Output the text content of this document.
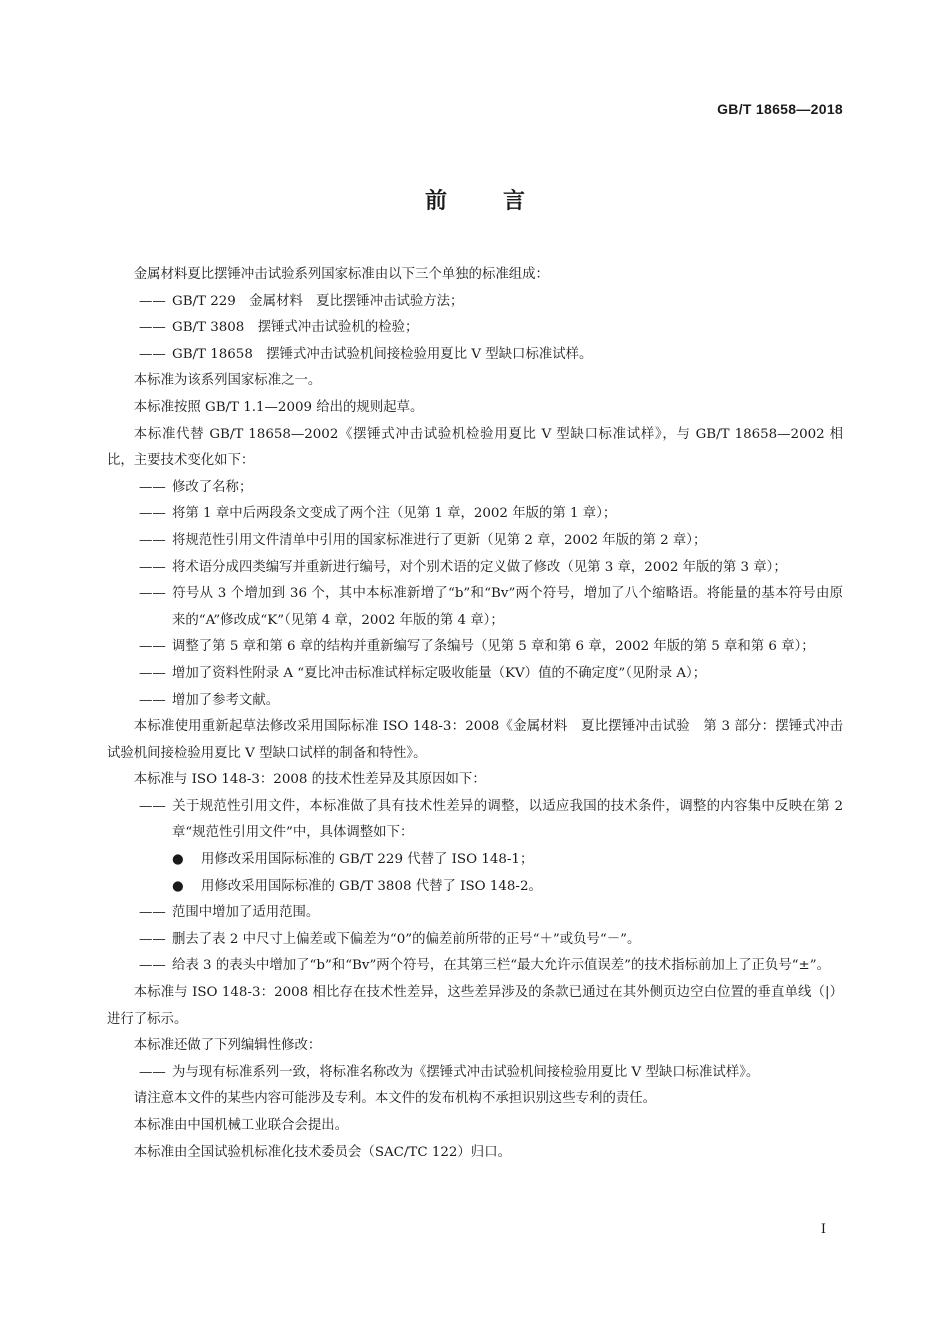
GB/T 18658—2018
前言
金属材料夏比摆锤冲击试验系列国家标准由以下三个单独的标准组成：
—— GB/T 229　金属材料　夏比摆锤冲击试验方法；
—— GB/T 3808　摆锤式冲击试验机的检验；
—— GB/T 18658　摆锤式冲击试验机间接检验用夏比 V 型缺口标准试样。
本标准为该系列国家标准之一。
本标准按照 GB/T 1.1—2009 给出的规则起草。
本标准代替 GB/T 18658—2002《摆锤式冲击试验机检验用夏比 V 型缺口标准试样》，与 GB/T 18658—2002 相比，主要技术变化如下：
—— 修改了名称；
—— 将第 1 章中后两段条文变成了两个注（见第 1 章，2002 年版的第 1 章）；
—— 将规范性引用文件清单中引用的国家标准进行了更新（见第 2 章，2002 年版的第 2 章）；
—— 将术语分成四类编写并重新进行编号，对个别术语的定义做了修改（见第 3 章，2002 年版的第 3 章）；
—— 符号从 3 个增加到 36 个，其中本标准新增了“b”和“Bv”两个符号，增加了八个缩略语。将能量的基本符号由原来的“A”修改成“K”（见第 4 章，2002 年版的第 4 章）；
—— 调整了第 5 章和第 6 章的结构并重新编写了条编号（见第 5 章和第 6 章，2002 年版的第 5 章和第 6 章）；
—— 增加了资料性附录 A “夏比冲击标准试样标定吸收能量（KV）值的不确定度”（见附录 A）；
—— 增加了参考文献。
本标准使用重新起草法修改采用国际标准 ISO 148-3：2008《金属材料　夏比摆锤冲击试验　第 3 部分：摆锤式冲击试验机间接检验用夏比 V 型缺口试样的制备和特性》。
本标准与 ISO 148-3：2008 的技术性差异及其原因如下：
—— 关于规范性引用文件，本标准做了具有技术性差异的调整，以适应我国的技术条件，调整的内容集中反映在第 2 章“规范性引用文件”中，具体调整如下：
● 用修改采用国际标准的 GB/T 229 代替了 ISO 148-1；
● 用修改采用国际标准的 GB/T 3808 代替了 ISO 148-2。
—— 范围中增加了适用范围。
—— 删去了表 2 中尺寸上偏差或下偏差为“0”的偏差前所带的正号“＋”或负号“－”。
—— 给表 3 的表头中增加了“b”和“Bv”两个符号，在其第三栏“最大允许示值误差”的技术指标前加上了正负号“±”。
本标准与 ISO 148-3：2008 相比存在技术性差异，这些差异涉及的条款已通过在其外侧页边空白位置的垂直单线（|）进行了标示。
本标准还做了下列编辑性修改：
—— 为与现有标准系列一致，将标准名称改为《摆锤式冲击试验机间接检验用夏比 V 型缺口标准试样》。
请注意本文件的某些内容可能涉及专利。本文件的发布机构不承担识别这些专利的责任。
本标准由中国机械工业联合会提出。
本标准由全国试验机标准化技术委员会（SAC/TC 122）归口。
I
